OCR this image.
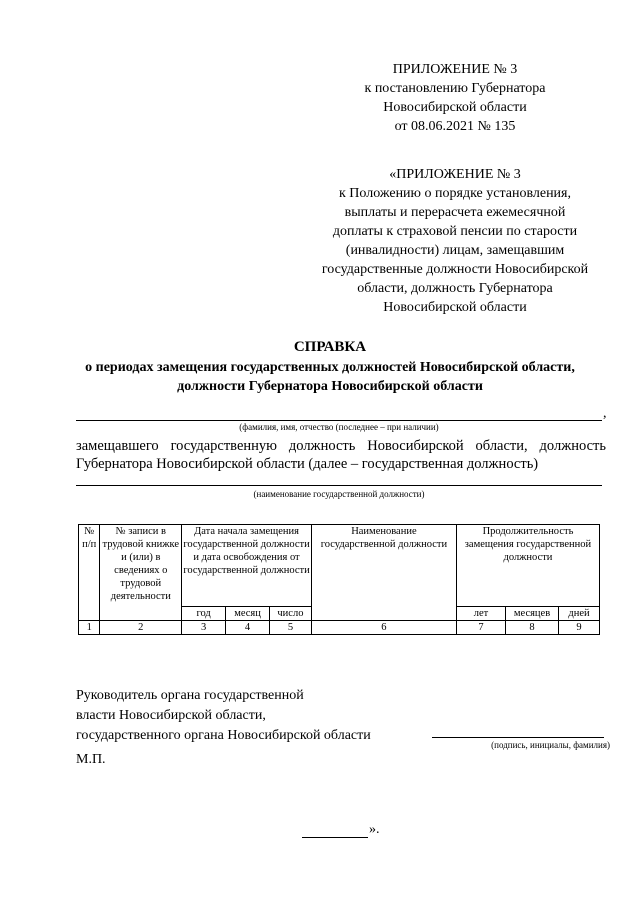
ПРИЛОЖЕНИЕ № 3
к постановлению Губернатора
Новосибирской области
от 08.06.2021 № 135
«ПРИЛОЖЕНИЕ № 3
к Положению о порядке установления,
выплаты и перерасчета ежемесячной
доплаты к страховой пенсии по старости
(инвалидности) лицам, замещавшим
государственные должности Новосибирской
области, должность Губернатора
Новосибирской области
СПРАВКА
о периодах замещения государственных должностей Новосибирской области,
должности Губернатора Новосибирской области
,
(фамилия, имя, отчество (последнее – при наличии)
замещавшего государственную должность Новосибирской области, должность
Губернатора Новосибирской области (далее – государственная должность)
(наименование государственной должности)
№ п/п	№ записи в трудовой книжке и (или) в сведениях о трудовой деятельности	Дата начала замещения государственной должности и дата освобождения от государственной должности			Наименование государственной должности	Продолжительность замещения государственной должности		
		год	месяц	число		лет	месяцев	дней
1	2	3	4	5	6	7	8	9
Руководитель органа государственной
власти Новосибирской области,
государственного органа Новосибирской области
(подпись, инициалы, фамилия)
М.П.
».
